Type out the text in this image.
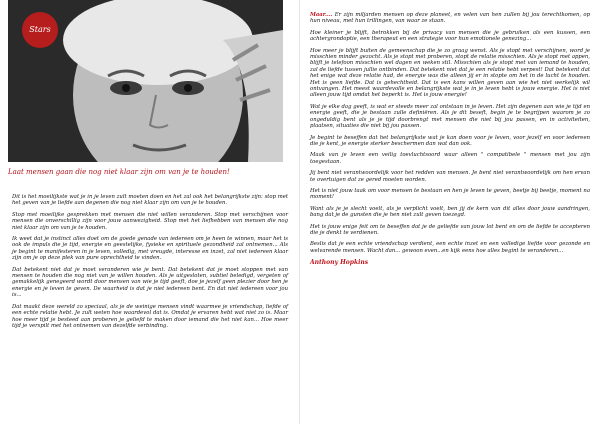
Stars

Laat mensen gaan die nog niet klaar zijn om van je te houden!

Dit is het moeilijkste wat je in je leven zult moeten doen en het zal ook het belangrijkste zijn: stop met het geven van je liefde aan degenen die nog niet klaar zijn om van je te houden.

Stop met moeilijke gesprekken met mensen die niet willen veranderen. Stop met verschijnen voor mensen die onverschillig zijn voor jouw aanwezigheid. Stop met het liefhebben van mensen die nog niet klaar zijn om van je te houden.

Ik weet dat je instinct alles doet om de goede genade van iedereen om je heen te winnen, maar het is ook de impuls die je tijd, energie en geestelijke, fysieke en spirituele gezondheid zal ontnemen... Als je begint te manifesteren in je leven, volledig, met vreugde, interesse en inzet, zal niet iedereen klaar zijn om je op deze plek van pure oprechtheid te vinden.

Dat betekent niet dat je moet veranderen wie je bent. Dat betekent dat je moet stoppen met van mensen te houden die nog niet van je willen houden. Als je uitgesloten, subtiel beledigd, vergeten of gemakkelijk genegeerd wordt door mensen van wie je tijd geeft, doe je jezelf geen plezier door hen je energie en je leven te geven. De waarheid is dat je niet iedereen bent. En dat niet iedereen voor jou is...

Dat maakt deze wereld zo speciaal, als je de weinige mensen vindt waarmee je vriendschap, liefde of een echte relatie hebt. Je zult weten hoe waardevol dat is. Omdat je ervaren hebt wat niet zo is. Maar hoe meer tijd je besteed aan proberen je geliefd te maken door iemand die het niet kan... Hoe meer tijd je verspilt met het ontnemen van dezelfde verbinding.

Maar.... Er zijn miljarden mensen op deze planeet, en velen van hen zullen bij jou terechtkomen, op hun niveau, met hun trillingen, van waar ze staan.

Hoe kleiner je blijft, betrokken bij de privacy van mensen die je gebruiken als een kussen, een achtergrondoptie, een therapeut en een strategie voor hun emotionele genezing...

Hoe meer je blijft buiten de gemeenschap die je zo graag wenst. Als je stopt met verschijnen, word je misschien minder gezocht. Als je stopt met proberen, stopt de relatie misschien. Als je stopt met appen, blijft je telefoon misschien wel dagen en weken stil. Misschien als je stopt met van iemand te houden, zal de liefde tussen jullie ontbinden. Dat betekent niet dat je een relatie hebt verpest! Dat betekent dat het enige wat deze relatie had, de energie was die alleen jij er in stopte om het in de lucht te houden. Het is geen liefde. Dat is gehechtheid. Dat is een kans willen geven aan wie het niet werkelijk wil ontvangen. Het meest waardevolle en belangrijkste wat je in je leven hebt is jouw energie. Het is niet alleen jouw tijd omdat het beperkt is. Het is jouw energie!

Wat je elke dag geeft, is wat er steeds meer zal ontstaan in je leven. Het zijn degenen aan wie je tijd en energie geeft, die je bestaan zulle definiëren. Als je dit beseft, begin je te begrijpen waarom je zo ongeduldig bent als je je tijd doorbrengt met mensen die niet bij jou passen, en in activiteiten, plaatsen, situaties die niet bij jou passen.

Je begint te beseffen dat het belangrijkste wat je kan doen voor je leven, voor jezelf en voor iedereen die je kent, je energie sterker beschermen dan wat dan ook.

Maak van je leven een veilig toevluchtsoord waar alleen " compatibele " mensen met jou zijn toegestaan.

Jij bent niet verantwoordelijk voor het redden van mensen. Je bent niet verantwoordelijk om hen ervan te overtuigen dat ze gered moeten worden.

Het is niet jouw taak om voor mensen te bestaan en hen je leven te geven, beetje bij beetje, moment na moment!

Want als je je slecht voelt, als je verplicht voelt, ben jij de kern van dit alles door jouw aandringen, bang dat je de gunsten die je hen niet zult geven toezegd.

Het is jouw enige feit om te beseffen dat je de geliefde van jouw lot bent en om de liefde te accepteren die je denkt te verdienen.

Beslis dat je een echte vriendschap verdient, een echte inzet en een volledige liefde voor gezonde en welvarende mensen. Wacht dan... gewoon even...en kijk eens hoe alles begint te veranderen...

Anthony Hopkins
